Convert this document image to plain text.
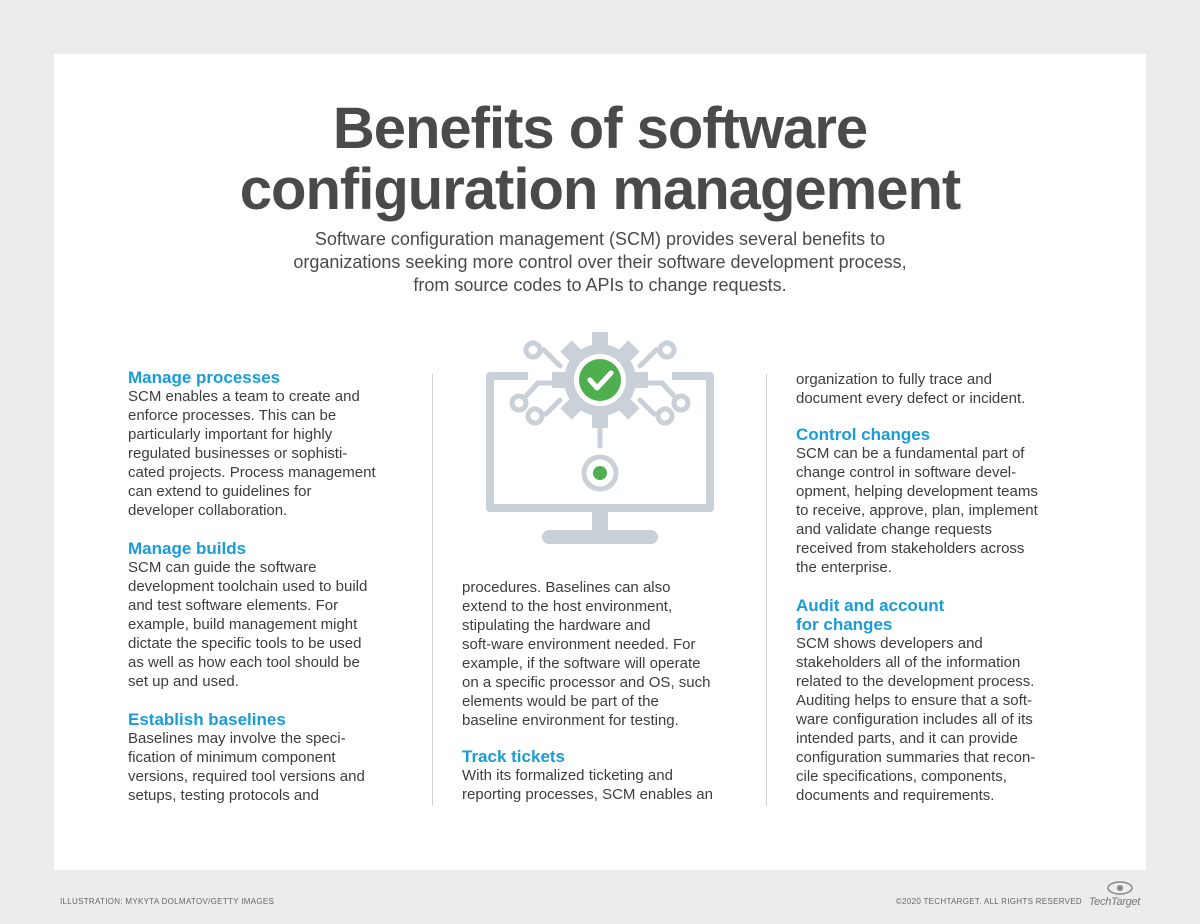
Benefits of software
configuration management

Software configuration management (SCM) provides several benefits to
organizations seeking more control over their software development process,
from source codes to APIs to change requests.

Manage processes

SCM enables a team to create and
enforce processes. This can be
particularly important for highly
regulated businesses or sophisti-
cated projects. Process management
can extend to guidelines for
developer collaboration.

Manage builds

SCM can guide the software
development toolchain used to build
and test software elements. For
example, build management might
dictate the specific tools to be used
as well as how each tool should be
set up and used.

Establish baselines

Baselines may involve the speci-
fication of minimum component
versions, required tool versions and
setups, testing protocols and

procedures. Baselines can also
extend to the host environment,
stipulating the hardware and
soft-ware environment needed. For
example, if the software will operate
on a specific processor and OS, such
elements would be part of the
baseline environment for testing.

Track tickets

With its formalized ticketing and
reporting processes, SCM enables an

organization to fully trace and
document every defect or incident.

Control changes

SCM can be a fundamental part of
change control in software devel-
opment, helping development teams
to receive, approve, plan, implement
and validate change requests
received from stakeholders across
the enterprise.

Audit and account
for changes

SCM shows developers and
stakeholders all of the information
related to the development process.
Auditing helps to ensure that a soft-
ware configuration includes all of its
intended parts, and it can provide
configuration summaries that recon-
cile specifications, components,
documents and requirements.

ILLUSTRATION: MYKYTA DOLMATOV/GETTY IMAGES	©2020 TECHTARGET. ALL RIGHTS RESERVED TechTarget
